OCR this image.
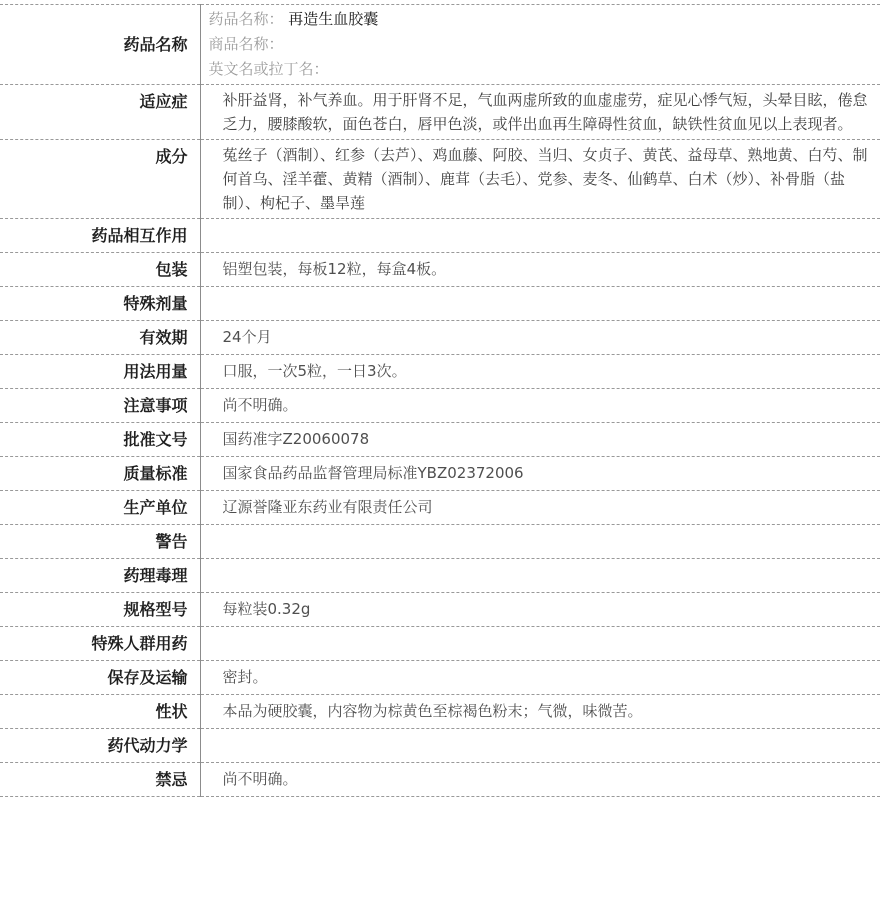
药品名称	药品名称： 再造生血胶囊
商品名称：
英文名或拉丁名：

适应症	补肝益肾，补气养血。用于肝肾不足，气血两虚所致的血虚虚劳，症见心悸气短，头晕目眩，倦怠乏力，腰膝酸软，面色苍白，唇甲色淡，或伴出血再生障碍性贫血，缺铁性贫血见以上表现者。
成分	菟丝子（酒制）、红参（去芦）、鸡血藤、阿胶、当归、女贞子、黄芪、益母草、熟地黄、白芍、制何首乌、淫羊藿、黄精（酒制）、鹿茸（去毛）、党参、麦冬、仙鹤草、白术（炒）、补骨脂（盐制）、枸杞子、墨旱莲
药品相互作用	

包装	铝塑包装，每板12粒，每盒4板。
特殊剂量	

有效期	24个月
用法用量	口服，一次5粒，一日3次。
注意事项	尚不明确。
批准文号	国药准字Z20060078
质量标准	国家食品药品监督管理局标准YBZ02372006
生产单位	辽源誉隆亚东药业有限责任公司
警告	

药理毒理	

规格型号	每粒装0.32g
特殊人群用药	

保存及运输	密封。
性状	本品为硬胶囊，内容物为棕黄色至棕褐色粉末；气微，味微苦。
药代动力学	

禁忌	尚不明确。
